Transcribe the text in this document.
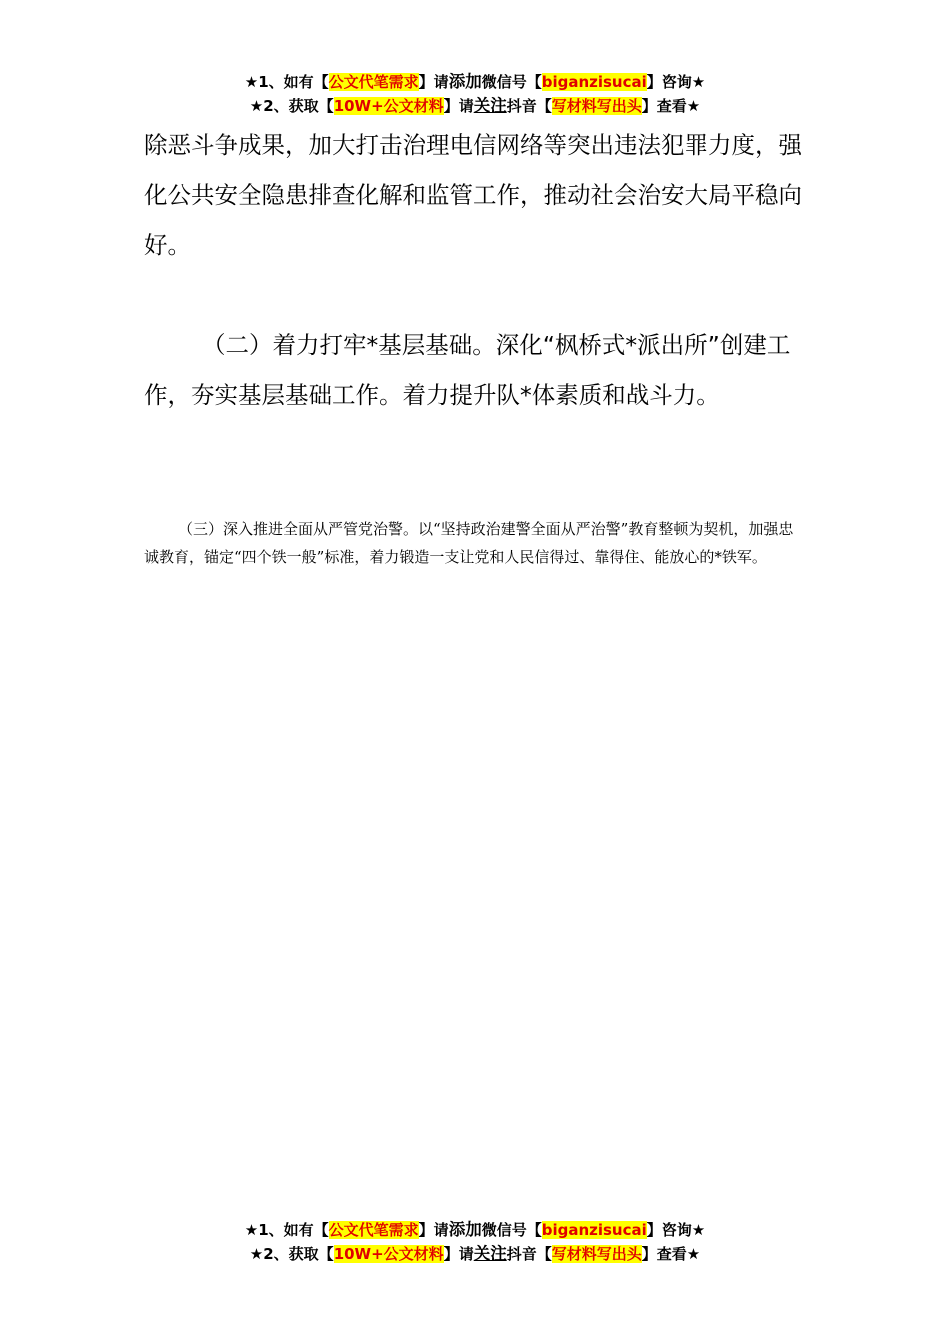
★1、如有【公文代笔需求】请添加微信号【biganzisucai】咨询★
★2、获取【10W+公文材料】请关注抖音【写材料写出头】查看★

除恶斗争成果，加大打击治理电信网络等突出违法犯罪力度，强化公共安全隐患排查化解和监管工作，推动社会治安大局平稳向好。

（二）着力打牢*基层基础。深化“枫桥式*派出所”创建工作，夯实基层基础工作。着力提升队*体素质和战斗力。

（三）深入推进全面从严管党治警。以“坚持政治建警全面从严治警”教育整顿为契机，加强忠诚教育，锚定“四个铁一般”标准，着力锻造一支让党和人民信得过、靠得住、能放心的*铁军。

★1、如有【公文代笔需求】请添加微信号【biganzisucai】咨询★
★2、获取【10W+公文材料】请关注抖音【写材料写出头】查看★
